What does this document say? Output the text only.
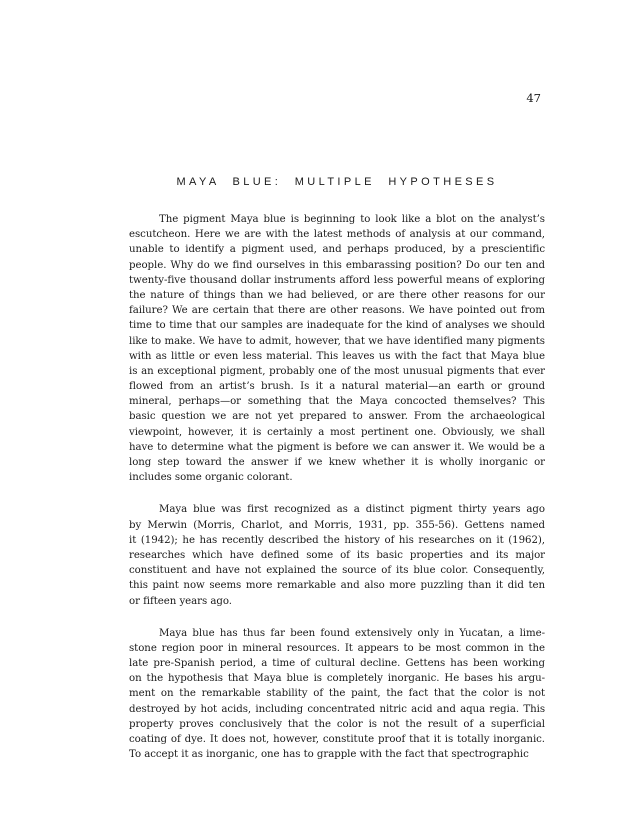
47
MAYA BLUE: MULTIPLE HYPOTHESES
The pigment Maya blue is beginning to look like a blot on the analyst’s
escutcheon. Here we are with the latest methods of analysis at our command,
unable to identify a pigment used, and perhaps produced, by a prescientific
people. Why do we find ourselves in this embarassing position? Do our ten and
twenty-five thousand dollar instruments afford less powerful means of exploring
the nature of things than we had believed, or are there other reasons for our
failure? We are certain that there are other reasons. We have pointed out from
time to time that our samples are inadequate for the kind of analyses we should
like to make. We have to admit, however, that we have identified many pigments
with as little or even less material. This leaves us with the fact that Maya blue
is an exceptional pigment, probably one of the most unusual pigments that ever
flowed from an artist’s brush. Is it a natural material—an earth or ground
mineral, perhaps—or something that the Maya concocted themselves? This
basic question we are not yet prepared to answer. From the archaeological
viewpoint, however, it is certainly a most pertinent one. Obviously, we shall
have to determine what the pigment is before we can answer it. We would be a
long step toward the answer if we knew whether it is wholly inorganic or
includes some organic colorant.
Maya blue was first recognized as a distinct pigment thirty years ago
by Merwin (Morris, Charlot, and Morris, 1931, pp. 355-56). Gettens named
it (1942); he has recently described the history of his researches on it (1962),
researches which have defined some of its basic properties and its major
constituent and have not explained the source of its blue color. Consequently,
this paint now seems more remarkable and also more puzzling than it did ten
or fifteen years ago.
Maya blue has thus far been found extensively only in Yucatan, a lime-
stone region poor in mineral resources. It appears to be most common in the
late pre-Spanish period, a time of cultural decline. Gettens has been working
on the hypothesis that Maya blue is completely inorganic. He bases his argu-
ment on the remarkable stability of the paint, the fact that the color is not
destroyed by hot acids, including concentrated nitric acid and aqua regia. This
property proves conclusively that the color is not the result of a superficial
coating of dye. It does not, however, constitute proof that it is totally inorganic.
To accept it as inorganic, one has to grapple with the fact that spectrographic
